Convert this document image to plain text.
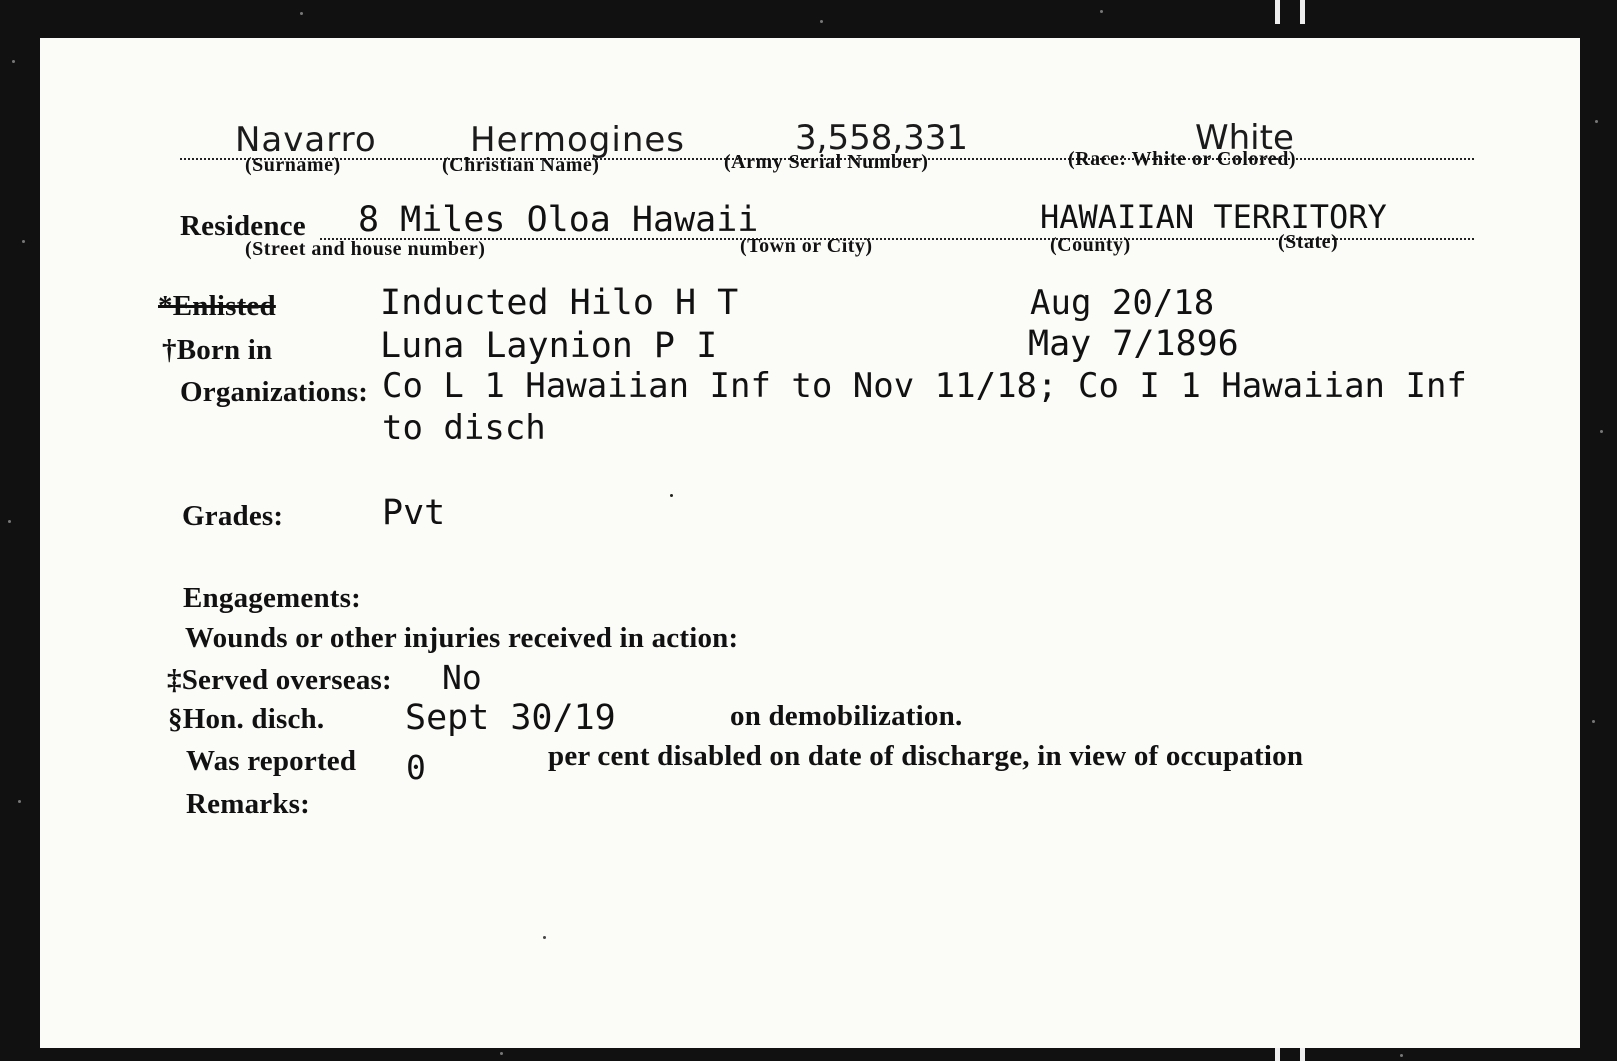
Navarro	Hermogines	3,558,331	White
(Surname)	(Christian Name)	(Army Serial Number)	(Race: White or Colored)
Residence 8 Miles Oloa Hawaii	HAWAIIAN TERRITORY
(Street and house number)	(Town or City)	(County)	(State)
*Enlisted	Inducted Hilo H T	Aug 20/18
†Born in	Luna Laynion P I	May 7/1896
Organizations: Co L 1 Hawaiian Inf to Nov 11/18; Co I 1 Hawaiian Inf
to disch
Grades:	Pvt
Engagements:
Wounds or other injuries received in action:
‡Served overseas: No
§Hon. disch. Sept 30/19	on demobilization.
Was reported 0	per cent disabled on date of discharge, in view of occupation
Remarks:
